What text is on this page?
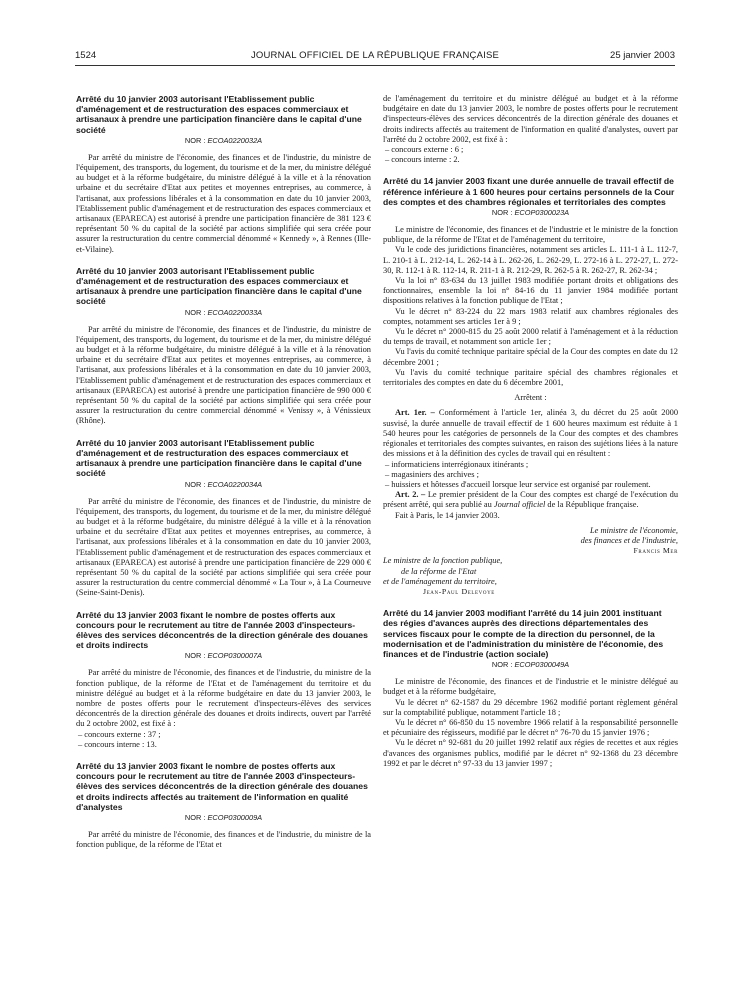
1524	JOURNAL OFFICIEL DE LA RÉPUBLIQUE FRANÇAISE	25 janvier 2003

Arrêté du 10 janvier 2003 autorisant l'Etablissement public d'aménagement et de restructuration des espaces commerciaux et artisanaux à prendre une participation financière dans le capital d'une société

NOR : ECOA0220032A

Par arrêté du ministre de l'économie, des finances et de l'industrie, du ministre de l'équipement, des transports, du logement, du tourisme et de la mer, du ministre délégué au budget et à la réforme budgétaire, du ministre délégué à la ville et à la rénovation urbaine et du secrétaire d'Etat aux petites et moyennes entreprises, au commerce, à l'artisanat, aux professions libérales et à la consommation en date du 10 janvier 2003, l'Etablissement public d'aménagement et de restructuration des espaces commerciaux et artisanaux (EPARECA) est autorisé à prendre une participation financière de 381 123 € représentant 50 % du capital de la société par actions simplifiée qui sera créée pour assurer la restructuration du centre commercial dénommé « Kennedy », à Rennes (Ille-et-Vilaine).

Arrêté du 10 janvier 2003 autorisant l'Etablissement public d'aménagement et de restructuration des espaces commerciaux et artisanaux à prendre une participation financière dans le capital d'une société

NOR : ECOA0220033A

Par arrêté du ministre de l'économie, des finances et de l'industrie, du ministre de l'équipement, des transports, du logement, du tourisme et de la mer, du ministre délégué au budget et à la réforme budgétaire, du ministre délégué à la ville et à la rénovation urbaine et du secrétaire d'Etat aux petites et moyennes entreprises, au commerce, à l'artisanat, aux professions libérales et à la consommation en date du 10 janvier 2003, l'Etablissement public d'aménagement et de restructuration des espaces commerciaux et artisanaux (EPARECA) est autorisé à prendre une participation financière de 990 000 € représentant 50 % du capital de la société par actions simplifiée qui sera créée pour assurer la restructuration du centre commercial dénommé « Venissy », à Vénissieux (Rhône).

Arrêté du 10 janvier 2003 autorisant l'Etablissement public d'aménagement et de restructuration des espaces commerciaux et artisanaux à prendre une participation financière dans le capital d'une société

NOR : ECOA0220034A

Par arrêté du ministre de l'économie, des finances et de l'industrie, du ministre de l'équipement, des transports, du logement, du tourisme et de la mer, du ministre délégué au budget et à la réforme budgétaire, du ministre délégué à la ville et à la rénovation urbaine et du secrétaire d'Etat aux petites et moyennes entreprises, au commerce, à l'artisanat, aux professions libérales et à la consommation en date du 10 janvier 2003, l'Etablissement public d'aménagement et de restructuration des espaces commerciaux et artisanaux (EPARECA) est autorisé à prendre une participation financière de 229 000 € représentant 50 % du capital de la société par actions simplifiée qui sera créée pour assurer la restructuration du centre commercial dénommé « La Tour », à La Courneuve (Seine-Saint-Denis).

Arrêté du 13 janvier 2003 fixant le nombre de postes offerts aux concours pour le recrutement au titre de l'année 2003 d'inspecteurs-élèves des services déconcentrés de la direction générale des douanes et droits indirects

NOR : ECOP0300007A

Par arrêté du ministre de l'économie, des finances et de l'industrie, du ministre de la fonction publique, de la réforme de l'Etat et de l'aménagement du territoire et du ministre délégué au budget et à la réforme budgétaire en date du 13 janvier 2003, le nombre de postes offerts pour le recrutement d'inspecteurs-élèves des services déconcentrés de la direction générale des douanes et droits indirects, ouvert par l'arrêté du 2 octobre 2002, est fixé à :

– concours externe : 37 ;

– concours interne : 13.

Arrêté du 13 janvier 2003 fixant le nombre de postes offerts aux concours pour le recrutement au titre de l'année 2003 d'inspecteurs-élèves des services déconcentrés de la direction générale des douanes et droits indirects affectés au traitement de l'information en qualité d'analystes

NOR : ECOP0300009A

Par arrêté du ministre de l'économie, des finances et de l'industrie, du ministre de la fonction publique, de la réforme de l'Etat et

de l'aménagement du territoire et du ministre délégué au budget et à la réforme budgétaire en date du 13 janvier 2003, le nombre de postes offerts pour le recrutement d'inspecteurs-élèves des services déconcentrés de la direction générale des douanes et droits indirects affectés au traitement de l'information en qualité d'analystes, ouvert par l'arrêté du 2 octobre 2002, est fixé à :

– concours externe : 6 ;

– concours interne : 2.

Arrêté du 14 janvier 2003 fixant une durée annuelle de travail effectif de référence inférieure à 1 600 heures pour certains personnels de la Cour des comptes et des chambres régionales et territoriales des comptes

NOR : ECOP0300023A

Le ministre de l'économie, des finances et de l'industrie et le ministre de la fonction publique, de la réforme de l'Etat et de l'aménagement du territoire,

Vu le code des juridictions financières, notamment ses articles L. 111-1 à L. 112-7, L. 210-1 à L. 212-14, L. 262-14 à L. 262-26, L. 262-29, L. 272-16 à L. 272-27, L. 272-30, R. 112-1 à R. 112-14, R. 211-1 à R. 212-29, R. 262-5 à R. 262-27, R. 262-34 ;

Vu la loi n° 83-634 du 13 juillet 1983 modifiée portant droits et obligations des fonctionnaires, ensemble la loi n° 84-16 du 11 janvier 1984 modifiée portant dispositions relatives à la fonction publique de l'Etat ;

Vu le décret n° 83-224 du 22 mars 1983 relatif aux chambres régionales des comptes, notamment ses articles 1er à 9 ;

Vu le décret n° 2000-815 du 25 août 2000 relatif à l'aménagement et à la réduction du temps de travail, et notamment son article 1er ;

Vu l'avis du comité technique paritaire spécial de la Cour des comptes en date du 12 décembre 2001 ;

Vu l'avis du comité technique paritaire spécial des chambres régionales et territoriales des comptes en date du 6 décembre 2001,

Arrêtent :

Art. 1er. – Conformément à l'article 1er, alinéa 3, du décret du 25 août 2000 susvisé, la durée annuelle de travail effectif de 1 600 heures maximum est réduite à 1 540 heures pour les catégories de personnels de la Cour des comptes et des chambres régionales et territoriales des comptes suivantes, en raison des sujétions liées à la nature des missions et à la définition des cycles de travail qui en résultent :

– informaticiens interrégionaux itinérants ;

– magasiniers des archives ;

– huissiers et hôtesses d'accueil lorsque leur service est organisé par roulement.

Art. 2. – Le premier président de la Cour des comptes est chargé de l'exécution du présent arrêté, qui sera publié au Journal officiel de la République française.

Fait à Paris, le 14 janvier 2003.

Le ministre de l'économie,

des finances et de l'industrie,

Francis Mer

Le ministre de la fonction publique,

de la réforme de l'Etat

et de l'aménagement du territoire,

Jean-Paul Delevoye

Arrêté du 14 janvier 2003 modifiant l'arrêté du 14 juin 2001 instituant des régies d'avances auprès des directions départementales des services fiscaux pour le compte de la direction du personnel, de la modernisation et de l'administration du ministère de l'économie, des finances et de l'industrie (action sociale)

NOR : ECOP0300049A

Le ministre de l'économie, des finances et de l'industrie et le ministre délégué au budget et à la réforme budgétaire,

Vu le décret n° 62-1587 du 29 décembre 1962 modifié portant règlement général sur la comptabilité publique, notamment l'article 18 ;

Vu le décret n° 66-850 du 15 novembre 1966 relatif à la responsabilité personnelle et pécuniaire des régisseurs, modifié par le décret n° 76-70 du 15 janvier 1976 ;

Vu le décret n° 92-681 du 20 juillet 1992 relatif aux régies de recettes et aux régies d'avances des organismes publics, modifié par le décret n° 92-1368 du 23 décembre 1992 et par le décret n° 97-33 du 13 janvier 1997 ;
